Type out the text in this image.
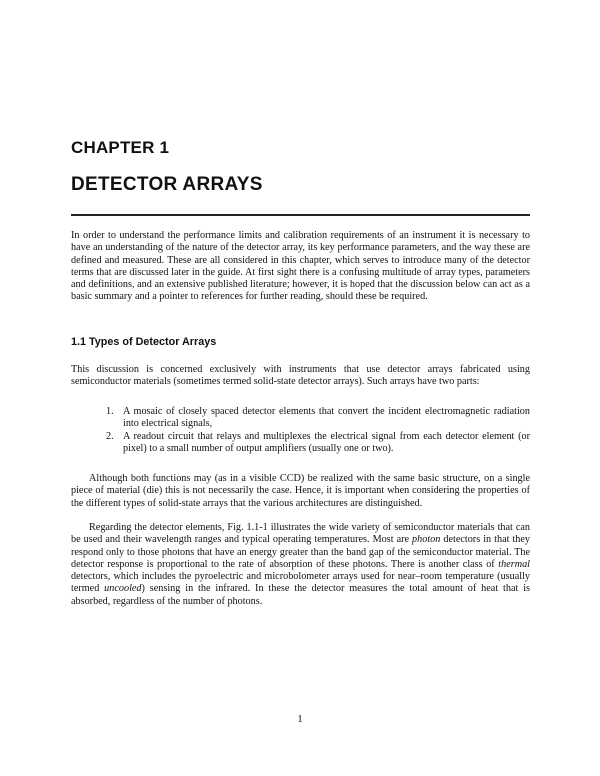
CHAPTER 1
DETECTOR ARRAYS

In order to understand the performance limits and calibration requirements of an instrument it is necessary to have an understanding of the nature of the detector array, its key performance parameters, and the way these are defined and measured. These are all considered in this chapter, which serves to introduce many of the detector terms that are discussed later in the guide. At first sight there is a confusing multitude of array types, parameters and definitions, and an extensive published literature; however, it is hoped that the discussion below can act as a basic summary and a pointer to references for further reading, should these be required.

1.1 Types of Detector Arrays

This discussion is concerned exclusively with instruments that use detector arrays fabricated using semiconductor materials (sometimes termed solid-state detector arrays). Such arrays have two parts:

1. A mosaic of closely spaced detector elements that convert the incident electromagnetic radiation into electrical signals,
2. A readout circuit that relays and multiplexes the electrical signal from each detector element (or pixel) to a small number of output amplifiers (usually one or two).

Although both functions may (as in a visible CCD) be realized with the same basic structure, on a single piece of material (die) this is not necessarily the case. Hence, it is important when considering the properties of the different types of solid-state arrays that the various architectures are distinguished.

Regarding the detector elements, Fig. 1.1-1 illustrates the wide variety of semiconductor materials that can be used and their wavelength ranges and typical operating temperatures. Most are photon detectors in that they respond only to those photons that have an energy greater than the band gap of the semiconductor material. The detector response is proportional to the rate of absorption of these photons. There is another class of thermal detectors, which includes the pyroelectric and microbolometer arrays used for near–room temperature (usually termed uncooled) sensing in the infrared. In these the detector measures the total amount of heat that is absorbed, regardless of the number of photons.

1
